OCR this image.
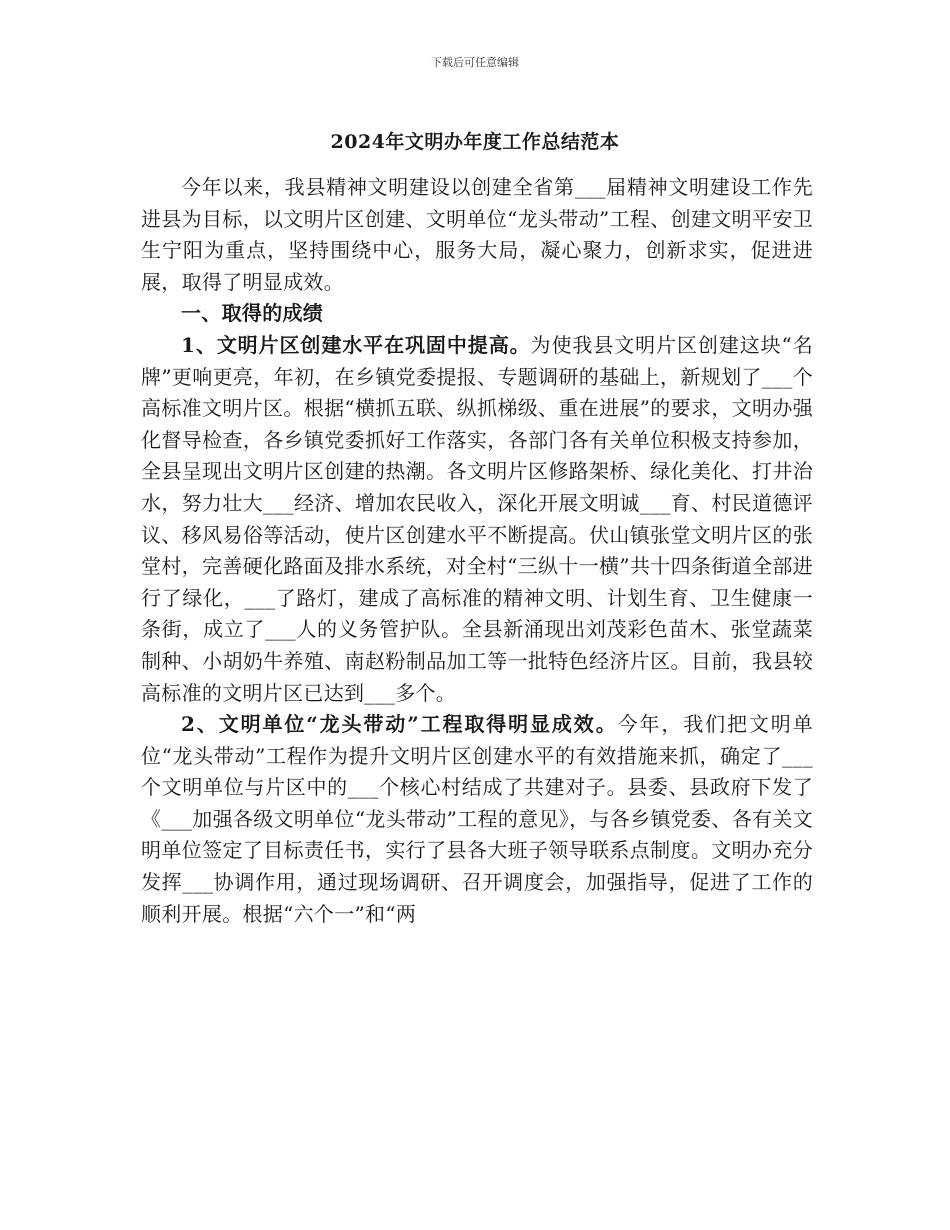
下载后可任意编辑
2024年文明办年度工作总结范本

今年以来，我县精神文明建设以创建全省第___届精神文明建设工作先进县为目标，以文明片区创建、文明单位“龙头带动”工程、创建文明平安卫生宁阳为重点，坚持围绕中心，服务大局，凝心聚力，创新求实，促进进展，取得了明显成效。

一、取得的成绩

1、文明片区创建水平在巩固中提高。为使我县文明片区创建这块“名牌”更响更亮，年初，在乡镇党委提报、专题调研的基础上，新规划了___个高标准文明片区。根据“横抓五联、纵抓梯级、重在进展”的要求，文明办强化督导检查，各乡镇党委抓好工作落实，各部门各有关单位积极支持参加，全县呈现出文明片区创建的热潮。各文明片区修路架桥、绿化美化、打井治水，努力壮大___经济、增加农民收入，深化开展文明诚___育、村民道德评议、移风易俗等活动，使片区创建水平不断提高。伏山镇张堂文明片区的张堂村，完善硬化路面及排水系统，对全村“三纵十一横”共十四条街道全部进行了绿化，___了路灯，建成了高标准的精神文明、计划生育、卫生健康一条街，成立了___人的义务管护队。全县新涌现出刘茂彩色苗木、张堂蔬菜制种、小胡奶牛养殖、南赵粉制品加工等一批特色经济片区。目前，我县较高标准的文明片区已达到___多个。

2、文明单位“龙头带动”工程取得明显成效。今年，我们把文明单位“龙头带动”工程作为提升文明片区创建水平的有效措施来抓，确定了___个文明单位与片区中的___个核心村结成了共建对子。县委、县政府下发了《___加强各级文明单位“龙头带动”工程的意见》，与各乡镇党委、各有关文明单位签定了目标责任书，实行了县各大班子领导联系点制度。文明办充分发挥___协调作用，通过现场调研、召开调度会，加强指导，促进了工作的顺利开展。根据“六个一”和“两
